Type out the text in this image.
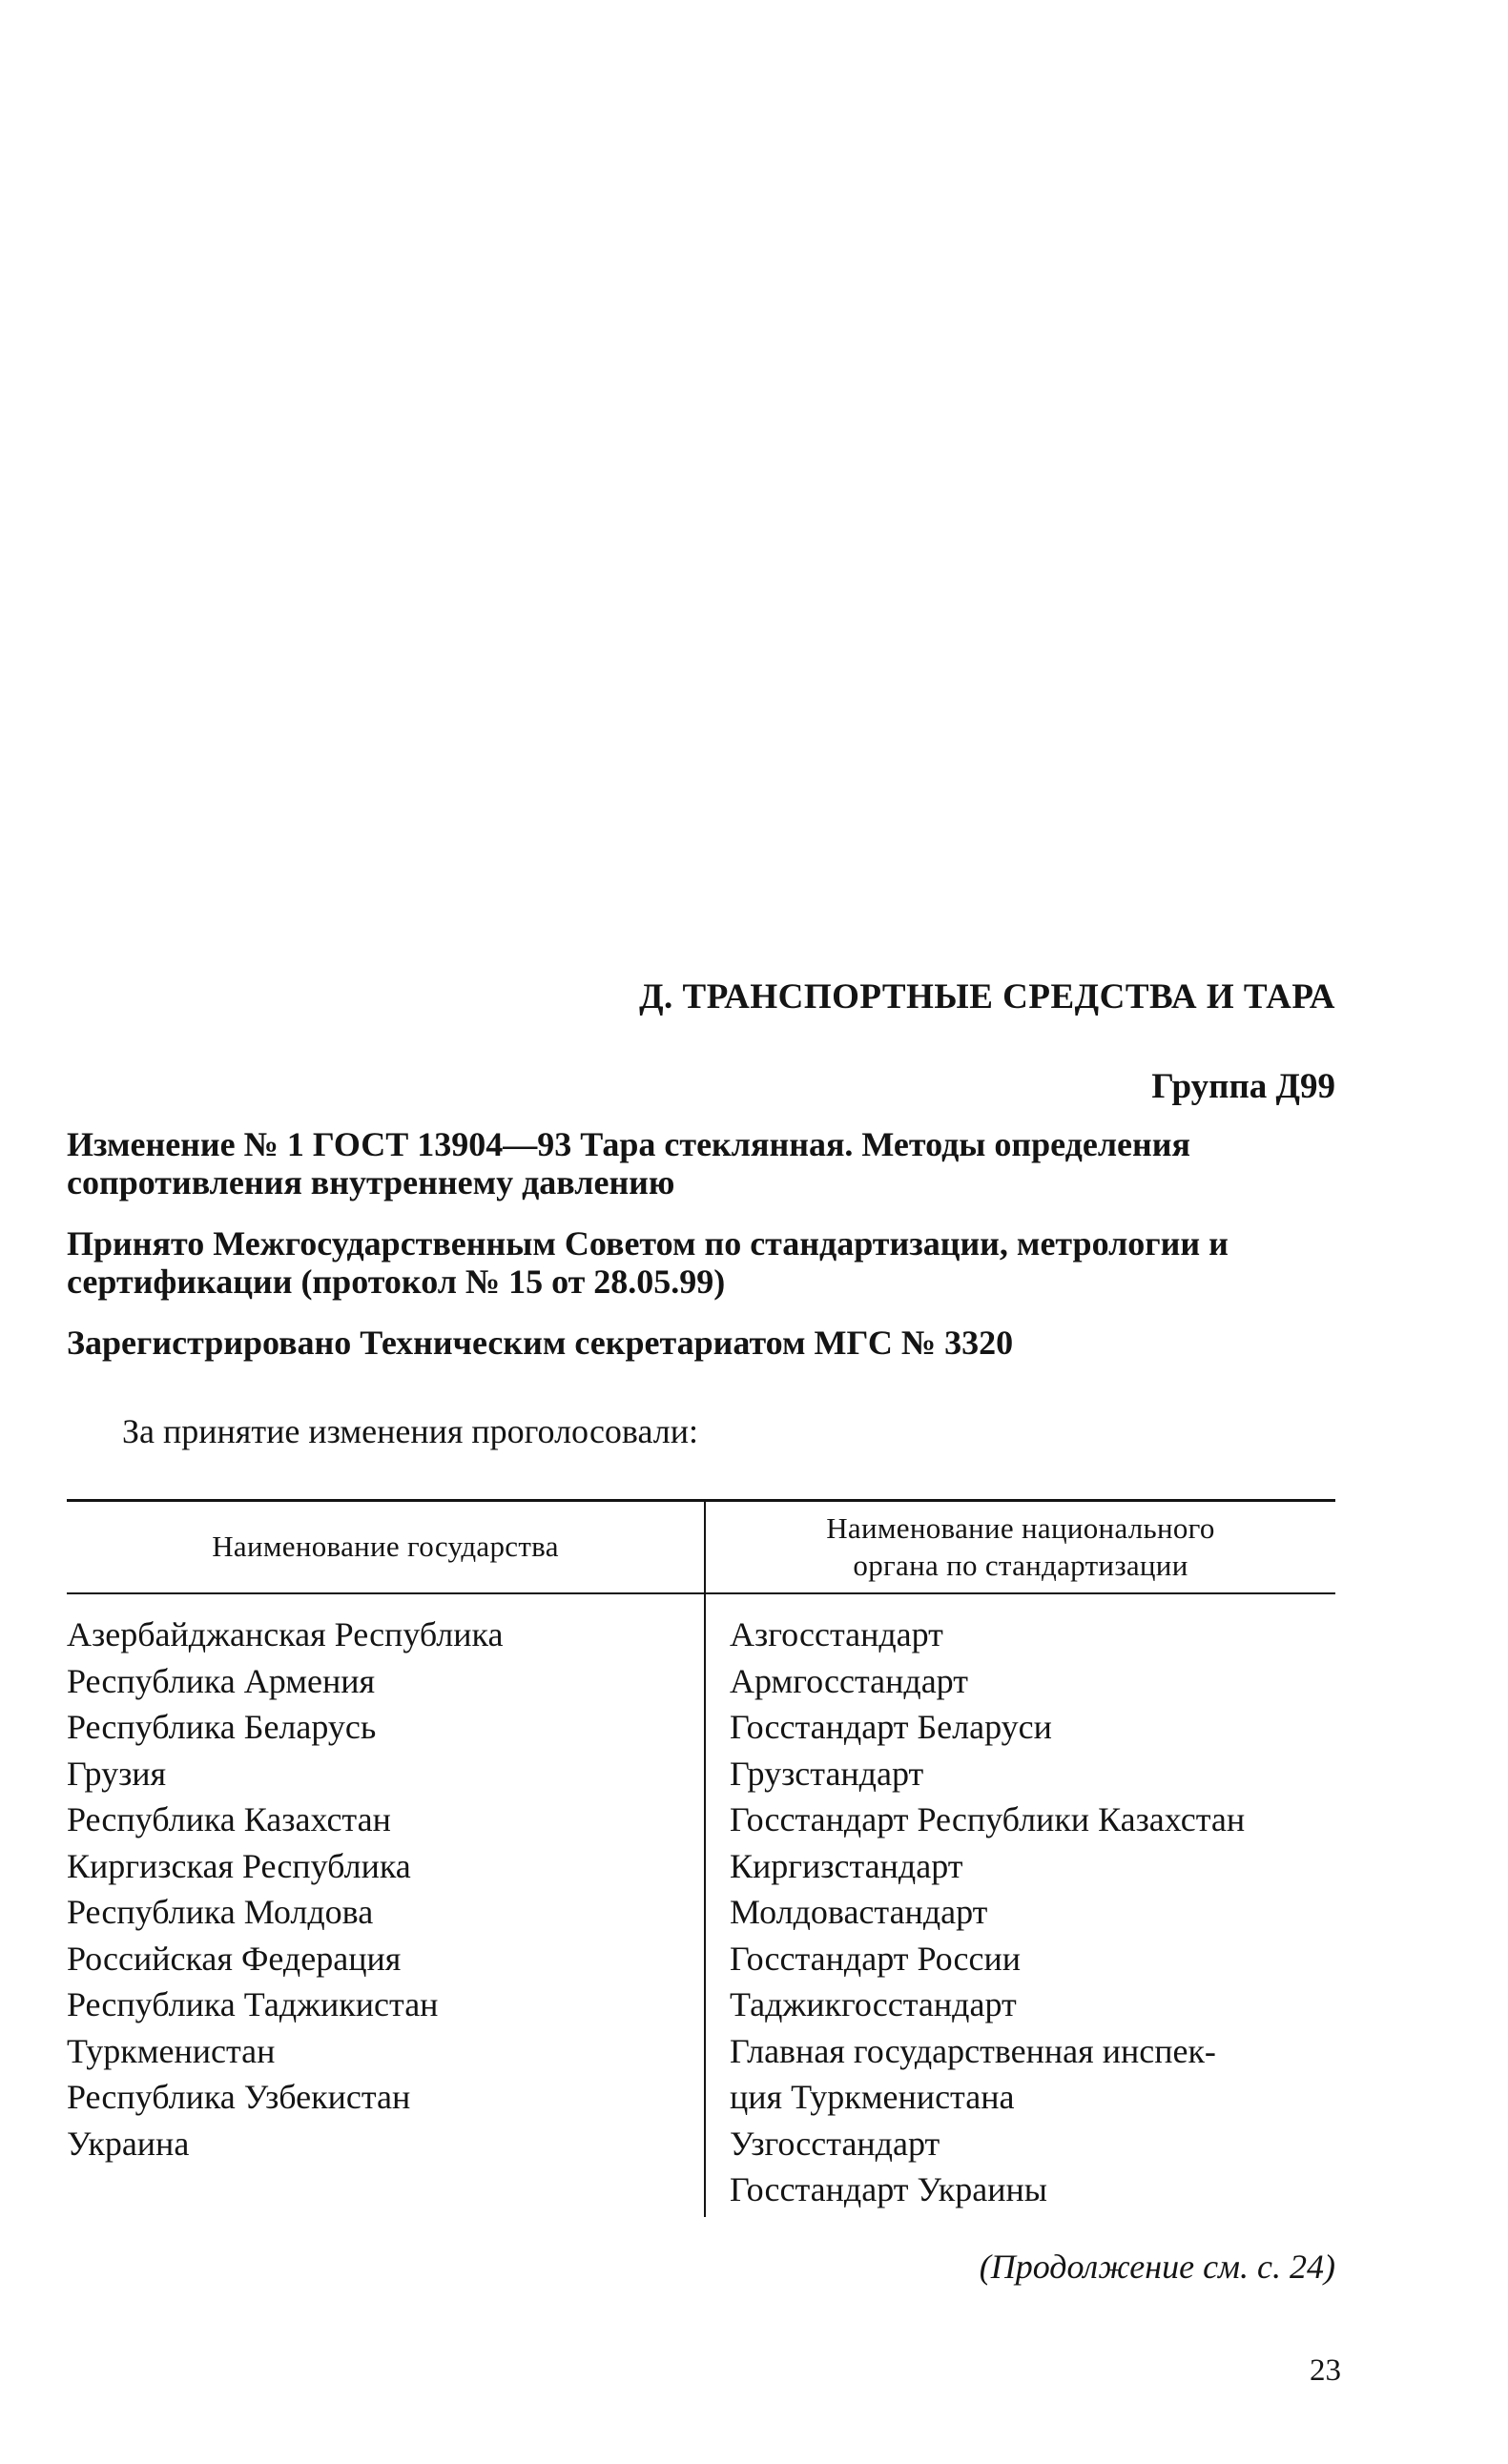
Д. ТРАНСПОРТНЫЕ СРЕДСТВА И ТАРА
Группа Д99
Изменение № 1 ГОСТ 13904—93 Тара стеклянная. Методы определения сопротивления внутреннему давлению
Принято Межгосударственным Советом по стандартизации, метрологии и сертификации (протокол № 15 от 28.05.99)
Зарегистрировано Техническим секретариатом МГС № 3320
За принятие изменения проголосовали:
Наименование государства
Наименование национального
органа по стандартизации
Азербайджанская Республика
Республика Армения
Республика Беларусь
Грузия
Республика Казахстан
Киргизская Республика
Республика Молдова
Российская Федерация
Республика Таджикистан
Туркменистан

Республика Узбекистан
Украина
Азгосстандарт
Армгосстандарт
Госстандарт Беларуси
Грузстандарт
Госстандарт Республики Казахстан
Киргизстандарт
Молдовастандарт
Госстандарт России
Таджикгосстандарт
Главная государственная инспек-
ция Туркменистана
Узгосстандарт
Госстандарт Украины
(Продолжение см. с. 24)
23
